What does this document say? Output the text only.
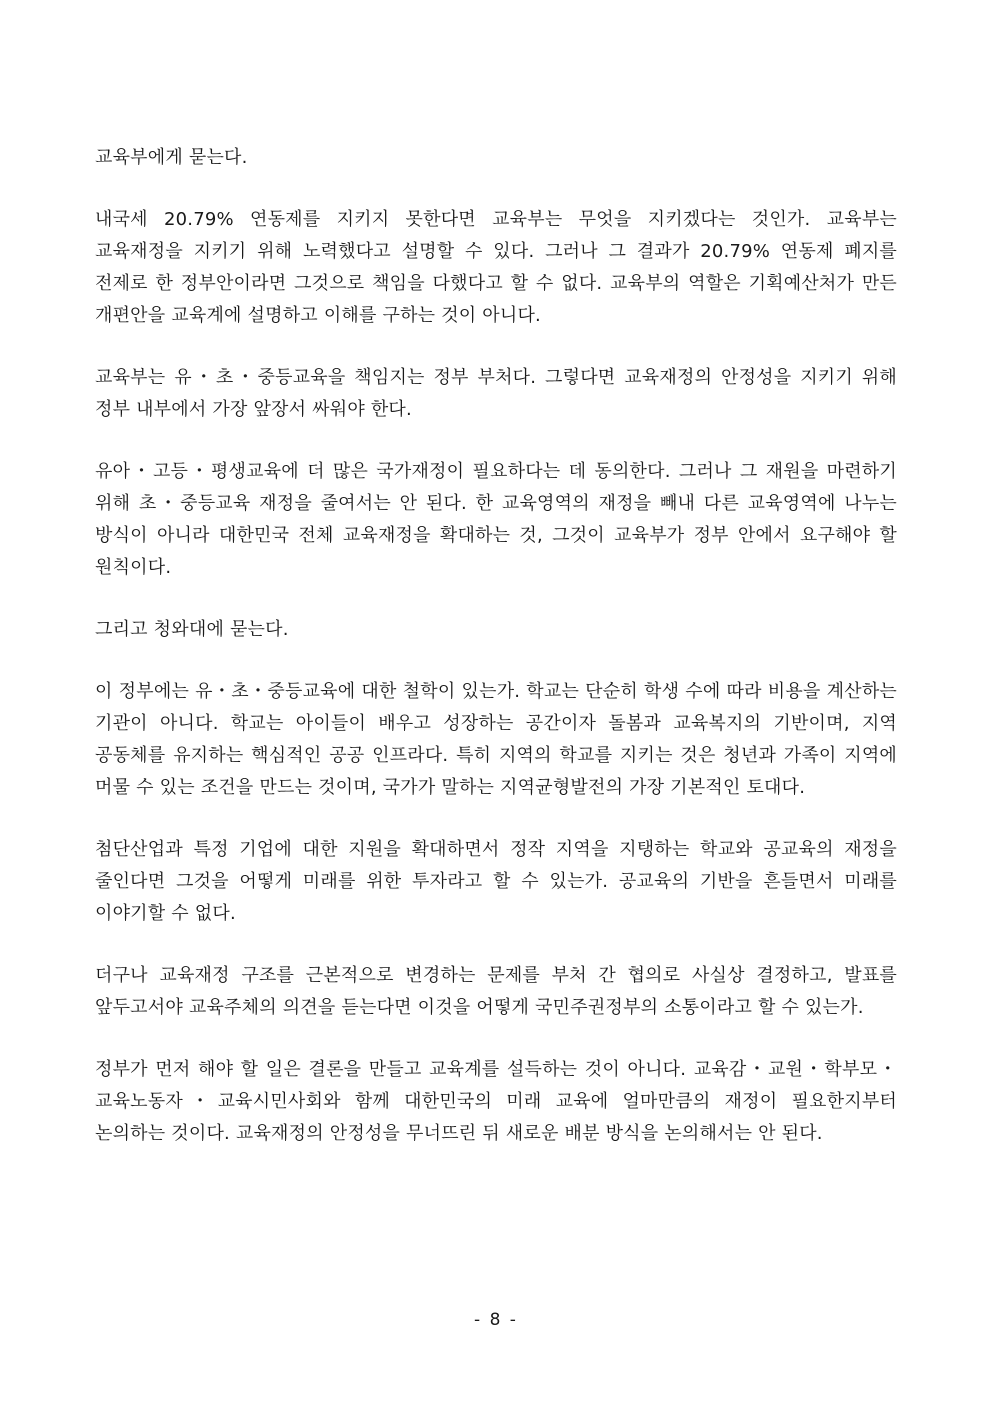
교육부에게 묻는다.

내국세 20.79% 연동제를 지키지 못한다면 교육부는 무엇을 지키겠다는 것인가. 교육부는 교육재정을 지키기 위해 노력했다고 설명할 수 있다. 그러나 그 결과가 20.79% 연동제 폐지를 전제로 한 정부안이라면 그것으로 책임을 다했다고 할 수 없다. 교육부의 역할은 기획예산처가 만든 개편안을 교육계에 설명하고 이해를 구하는 것이 아니다.

교육부는 유・초・중등교육을 책임지는 정부 부처다. 그렇다면 교육재정의 안정성을 지키기 위해 정부 내부에서 가장 앞장서 싸워야 한다.

유아・고등・평생교육에 더 많은 국가재정이 필요하다는 데 동의한다. 그러나 그 재원을 마련하기 위해 초・중등교육 재정을 줄여서는 안 된다. 한 교육영역의 재정을 빼내 다른 교육영역에 나누는 방식이 아니라 대한민국 전체 교육재정을 확대하는 것, 그것이 교육부가 정부 안에서 요구해야 할 원칙이다.

그리고 청와대에 묻는다.

이 정부에는 유・초・중등교육에 대한 철학이 있는가. 학교는 단순히 학생 수에 따라 비용을 계산하는 기관이 아니다. 학교는 아이들이 배우고 성장하는 공간이자 돌봄과 교육복지의 기반이며, 지역 공동체를 유지하는 핵심적인 공공 인프라다. 특히 지역의 학교를 지키는 것은 청년과 가족이 지역에 머물 수 있는 조건을 만드는 것이며, 국가가 말하는 지역균형발전의 가장 기본적인 토대다.

첨단산업과 특정 기업에 대한 지원을 확대하면서 정작 지역을 지탱하는 학교와 공교육의 재정을 줄인다면 그것을 어떻게 미래를 위한 투자라고 할 수 있는가. 공교육의 기반을 흔들면서 미래를 이야기할 수 없다.

더구나 교육재정 구조를 근본적으로 변경하는 문제를 부처 간 협의로 사실상 결정하고, 발표를 앞두고서야 교육주체의 의견을 듣는다면 이것을 어떻게 국민주권정부의 소통이라고 할 수 있는가.

정부가 먼저 해야 할 일은 결론을 만들고 교육계를 설득하는 것이 아니다. 교육감・교원・학부모・교육노동자・교육시민사회와 함께 대한민국의 미래 교육에 얼마만큼의 재정이 필요한지부터 논의하는 것이다. 교육재정의 안정성을 무너뜨린 뒤 새로운 배분 방식을 논의해서는 안 된다.

- 8 -
